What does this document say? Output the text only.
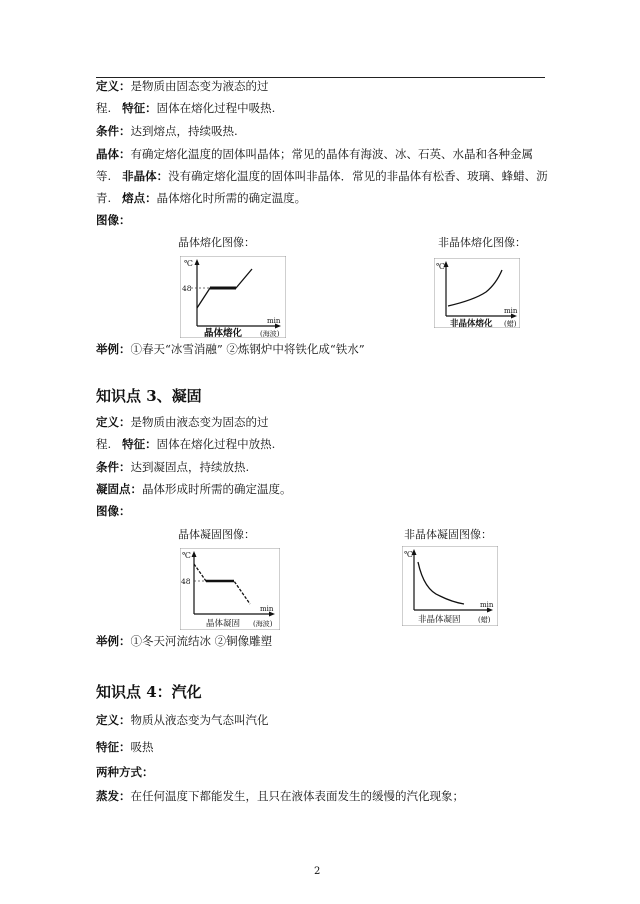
定义：是物质由固态变为液态的过
程. 特征：固体在熔化过程中吸热.
条件：达到熔点，持续吸热.
晶体：有确定熔化温度的固体叫晶体；常见的晶体有海波、冰、石英、水晶和各种金属
等. 非晶体：没有确定熔化温度的固体叫非晶体．常见的非晶体有松香、玻璃、蜂蜡、沥
青. 熔点：晶体熔化时所需的确定温度。
图像：
晶体熔化图像：	非晶体熔化图像：
℃
48
min
晶体熔化	(海波)
℃
min
非晶体熔化 (蜡)
举例：①春天“冰雪消融” ②炼钢炉中将铁化成“铁水”
知识点 3、凝固
定义：是物质由液态变为固态的过
程. 特征：固体在熔化过程中放热.
条件：达到凝固点，持续放热.
凝固点：晶体形成时所需的确定温度。
图像：
晶体凝固图像：	非晶体凝固图像：
℃
48
min
晶体凝固 (海波)
℃
min
非晶体凝固 (蜡)
举例：①冬天河流结冰 ②铜像雕塑
知识点 4：汽化
定义：物质从液态变为气态叫汽化
特征：吸热
两种方式：
蒸发：在任何温度下都能发生，且只在液体表面发生的缓慢的汽化现象；
2
